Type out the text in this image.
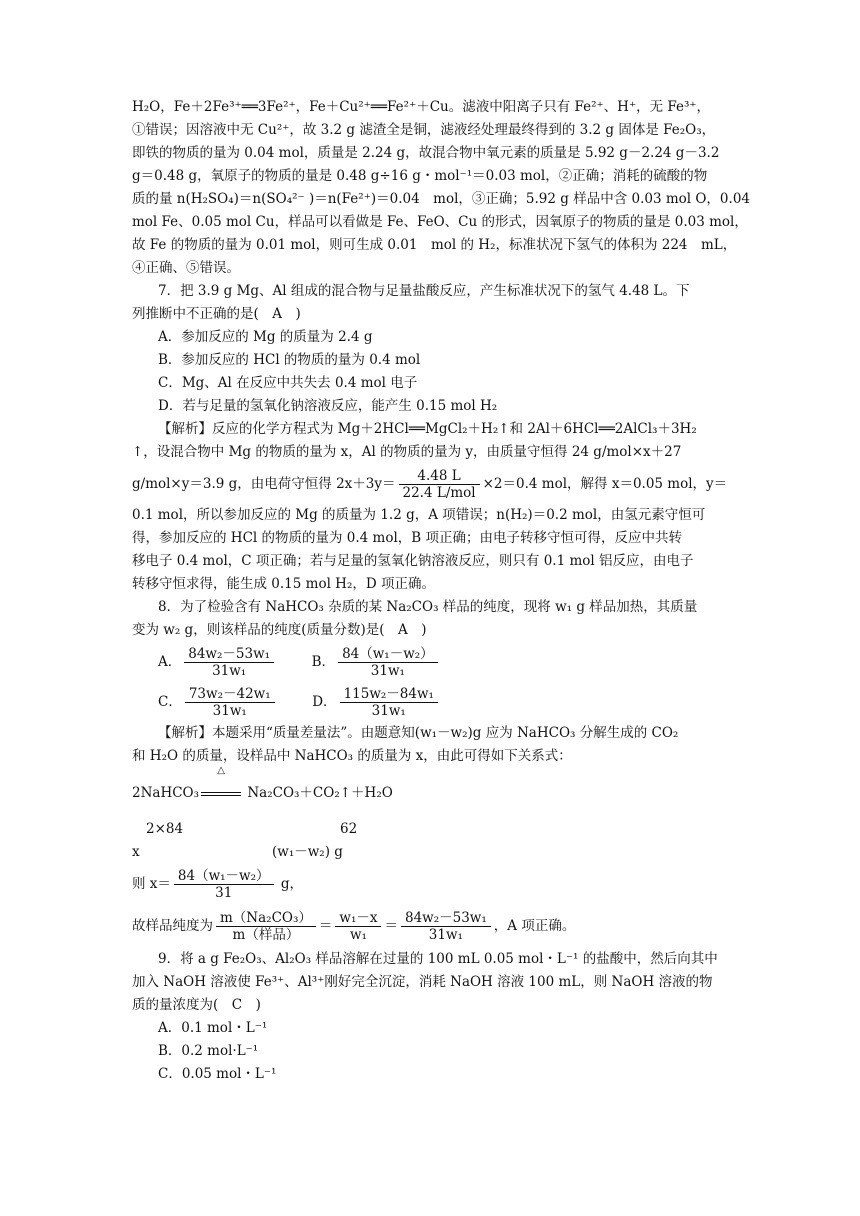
H₂O，Fe＋2Fe³⁺══3Fe²⁺，Fe＋Cu²⁺══Fe²⁺＋Cu。滤液中阳离子只有 Fe²⁺、H⁺，无 Fe³⁺，
①错误；因溶液中无 Cu²⁺，故 3.2 g 滤渣全是铜，滤液经处理最终得到的 3.2 g 固体是 Fe₂O₃，
即铁的物质的量为 0.04 mol，质量是 2.24 g，故混合物中氧元素的质量是 5.92 g－2.24 g－3.2
g＝0.48 g，氧原子的物质的量是 0.48 g÷16 g・mol⁻¹＝0.03 mol，②正确；消耗的硫酸的物
质的量 n(H₂SO₄)＝n(SO₄²⁻ )＝n(Fe²⁺)＝0.04　mol，③正确；5.92 g 样品中含 0.03 mol O，0.04
mol Fe、0.05 mol Cu，样品可以看做是 Fe、FeO、Cu 的形式，因氧原子的物质的量是 0.03 mol，
故 Fe 的物质的量为 0.01 mol，则可生成 0.01　mol 的 H₂，标准状况下氢气的体积为 224　mL，
④正确、⑤错误。
7．把 3.9 g Mg、Al 组成的混合物与足量盐酸反应，产生标准状况下的氢气 4.48 L。下
列推断中不正确的是(　A　)
A．参加反应的 Mg 的质量为 2.4 g
B．参加反应的 HCl 的物质的量为 0.4 mol
C．Mg、Al 在反应中共失去 0.4 mol 电子
D．若与足量的氢氧化钠溶液反应，能产生 0.15 mol H₂
【解析】反应的化学方程式为 Mg＋2HCl══MgCl₂＋H₂↑和 2Al＋6HCl══2AlCl₃＋3H₂
↑，设混合物中 Mg 的物质的量为 x，Al 的物质的量为 y，由质量守恒得 24 g/mol×x＋27
g/mol×y＝3.9 g，由电荷守恒得 $2x+3y= \frac{4.48 L}{\text{22.4 L/mol}} \times 2=0.4$ mol，解得 x＝0.05 mol，y＝
0.1 mol，所以参加反应的 Mg 的质量为 1.2 g，A 项错误；n(H₂)＝0.2 mol，由氢元素守恒可
得，参加反应的 HCl 的物质的量为 0.4 mol，B 项正确；由电子转移守恒可得，反应中共转
移电子 0.4 mol，C 项正确；若与足量的氢氧化钠溶液反应，则只有 0.1 mol 铝反应，由电子
转移守恒求得，能生成 0.15 mol H₂，D 项正确。
8．为了检验含有 NaHCO₃ 杂质的某 Na₂CO₃ 样品的纯度，现将 w₁ g 样品加热，其质量
变为 w₂ g，则该样品的纯度(质量分数)是(　A　)
A． $\frac{\text{84w₂－53w₁}}{\text{31w₁}}$	B． $\frac{\text{84（w₁－w₂）}}{\text{31w₁}}$
C． $\frac{\text{73w₂－42w₁}}{\text{31w₁}}$	D． $\frac{\text{115w₂－84w₁}}{\text{31w₁}}$
【解析】本题采用“质量差量法”。由题意知(w₁－w₂)g 应为 NaHCO₃ 分解生成的 CO₂
和 H₂O 的质量，设样品中 NaHCO₃ 的质量为 x，由此可得如下关系式：
2NaHCO₃
△
Na₂CO₃＋CO₂↑＋H₂O
2×84	62
x	(w₁－w₂) g
则 $x= \frac{\text{84（w₁－w₂）}}{31}$ g，
故样品纯度为 $\frac{\text{m（Na₂CO₃）}}{\text{m（样品）}} = \frac{\text{w₁－x}}{\text{w₁}} = \frac{\text{84w₂－53w₁}}{\text{31w₁}}$ ，A 项正确。
9．将 a g Fe₂O₃、Al₂O₃ 样品溶解在过量的 100 mL 0.05 mol・L⁻¹ 的盐酸中，然后向其中
加入 NaOH 溶液使 Fe³⁺、Al³⁺刚好完全沉淀，消耗 NaOH 溶液 100 mL，则 NaOH 溶液的物
质的量浓度为(　C　)
A．0.1 mol・L⁻¹
B．0.2 mol·L⁻¹
C．0.05 mol・L⁻¹
